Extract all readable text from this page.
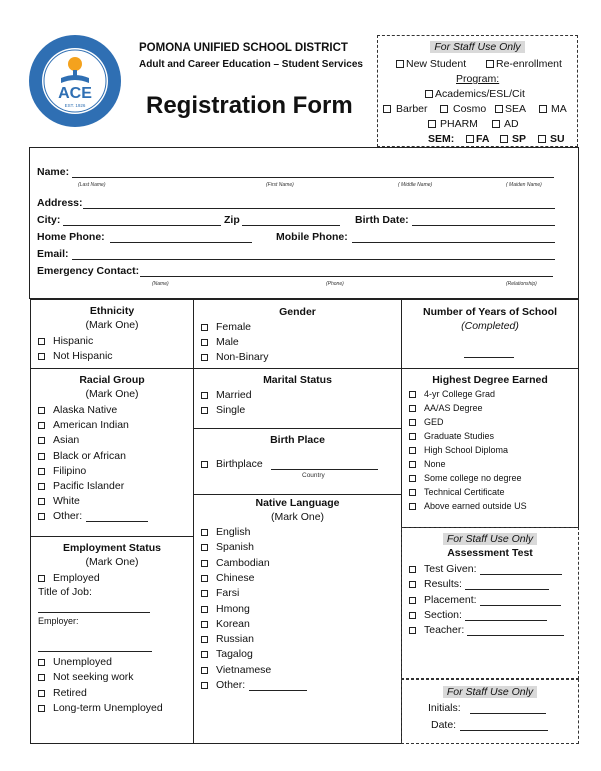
ACE
EST. 1926
POMONA UNIFIED SCHOOL DISTRICT
Adult and Career Education – Student Services
Registration Form
For Staff Use Only
New Student	Re-enrollment
Program:
Academics/ESL/Cit
Barber	Cosmo	SEA	MA
PHARM	AD
SEM:	FA	SP	SU
Name:
(Last Name)	(First Name)	( Middle Name)	( Maiden Name)
Address:
City:	Zip	Birth Date:
Home Phone:	Mobile Phone:
Email:
Emergency Contact:
(Name)	(Phone)	(Relationship)
Ethnicity
(Mark One)
Hispanic
Not Hispanic
Gender
Female
Male
Non-Binary
Number of Years of School
(Completed)
Racial Group
(Mark One)
Alaska Native
American Indian
Asian
Black or African
Filipino
Pacific Islander
White
Other:
Marital Status
Married
Single
Birth Place
Birthplace
Country
Native Language
(Mark One)
English
Spanish
Cambodian
Chinese
Farsi
Hmong
Korean
Russian
Tagalog
Vietnamese
Other:
Highest Degree Earned
4-yr College Grad
AA/AS Degree
GED
Graduate Studies
High School Diploma
None
Some college no degree
Technical Certificate
Above earned outside US
Employment Status
(Mark One)
Employed
Title of Job:
Employer:
Unemployed
Not seeking work
Retired
Long-term Unemployed
For Staff Use Only
Assessment Test
Test Given:
Results:
Placement:
Section:
Teacher:
For Staff Use Only
Initials:
Date:
